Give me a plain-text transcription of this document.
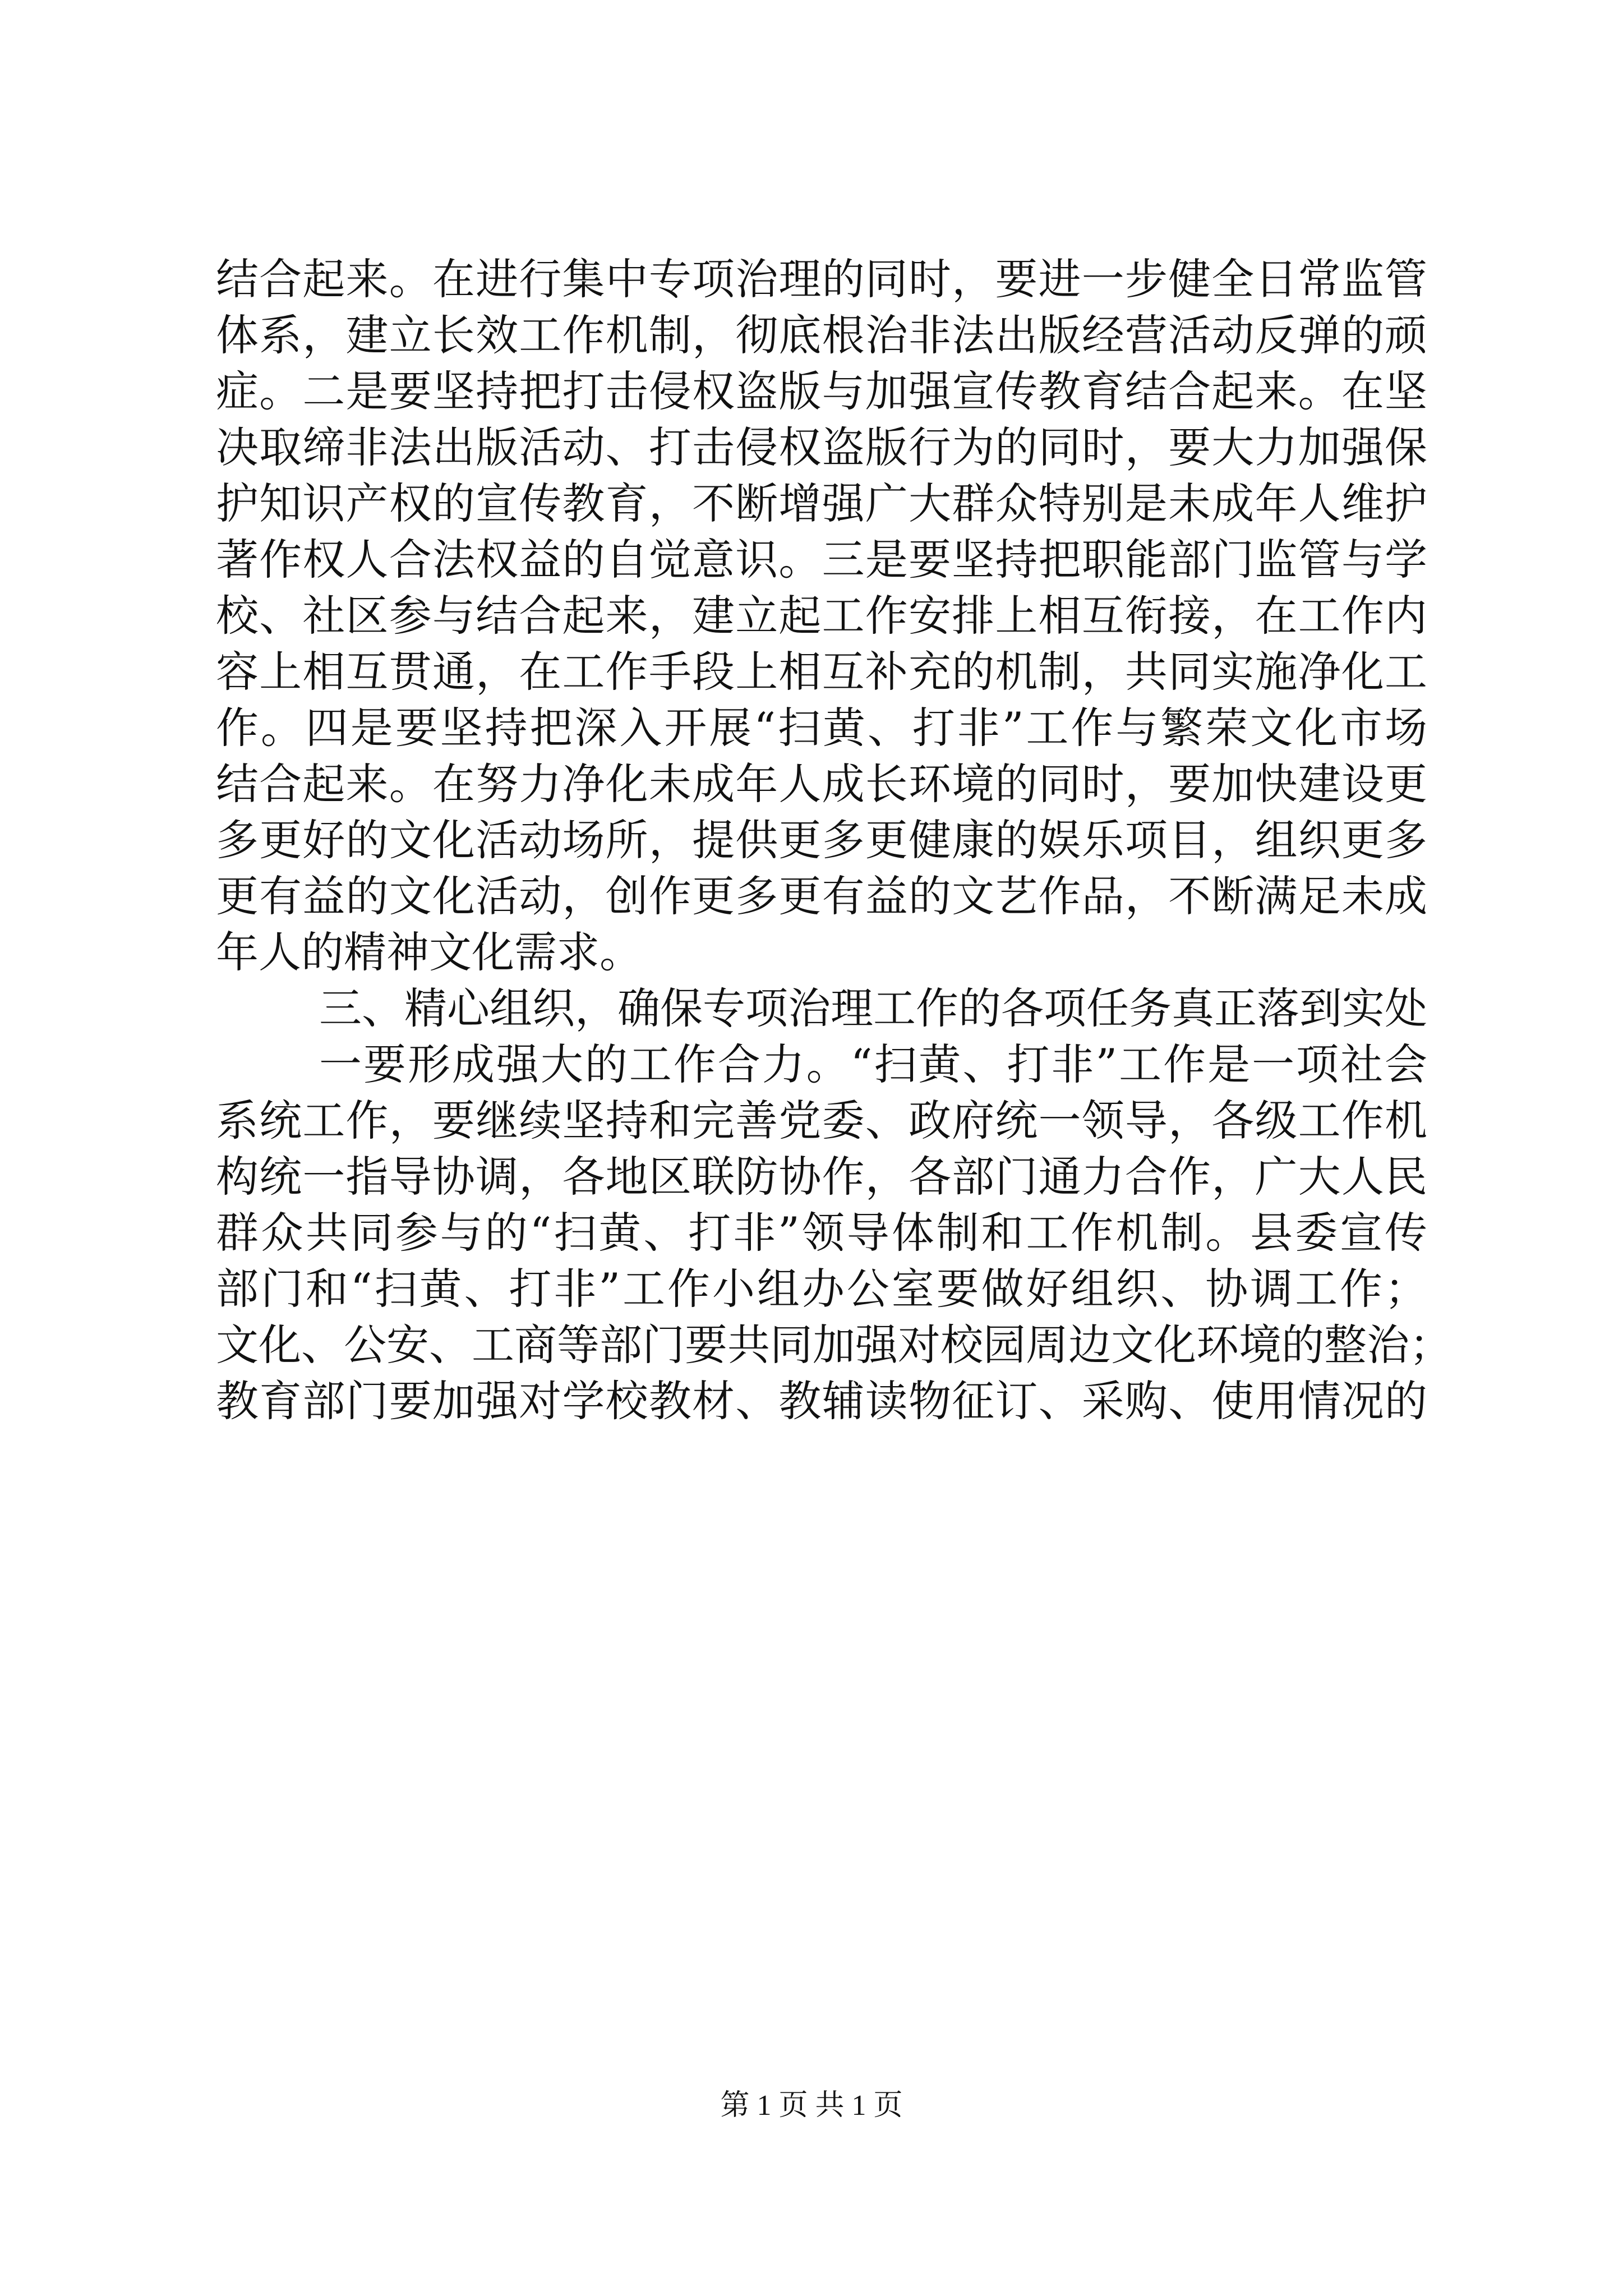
结合起来。在进行集中专项治理的同时，要进一步健全日常监管
体系，建立长效工作机制，彻底根治非法出版经营活动反弹的顽
症。二是要坚持把打击侵权盗版与加强宣传教育结合起来。在坚
决取缔非法出版活动、打击侵权盗版行为的同时，要大力加强保
护知识产权的宣传教育，不断增强广大群众特别是未成年人维护
著作权人合法权益的自觉意识。三是要坚持把职能部门监管与学
校、社区参与结合起来，建立起工作安排上相互衔接，在工作内
容上相互贯通，在工作手段上相互补充的机制，共同实施净化工
作。四是要坚持把深入开展“扫黄、打非”工作与繁荣文化市场
结合起来。在努力净化未成年人成长环境的同时，要加快建设更
多更好的文化活动场所，提供更多更健康的娱乐项目，组织更多
更有益的文化活动，创作更多更有益的文艺作品，不断满足未成
年人的精神文化需求。
三、精心组织，确保专项治理工作的各项任务真正落到实处
一要形成强大的工作合力。“扫黄、打非”工作是一项社会
系统工作，要继续坚持和完善党委、政府统一领导，各级工作机
构统一指导协调，各地区联防协作，各部门通力合作，广大人民
群众共同参与的“扫黄、打非”领导体制和工作机制。县委宣传
部门和“扫黄、打非”工作小组办公室要做好组织、协调工作；
文化、公安、工商等部门要共同加强对校园周边文化环境的整治；
教育部门要加强对学校教材、教辅读物征订、采购、使用情况的
第 1 页 共 1 页
